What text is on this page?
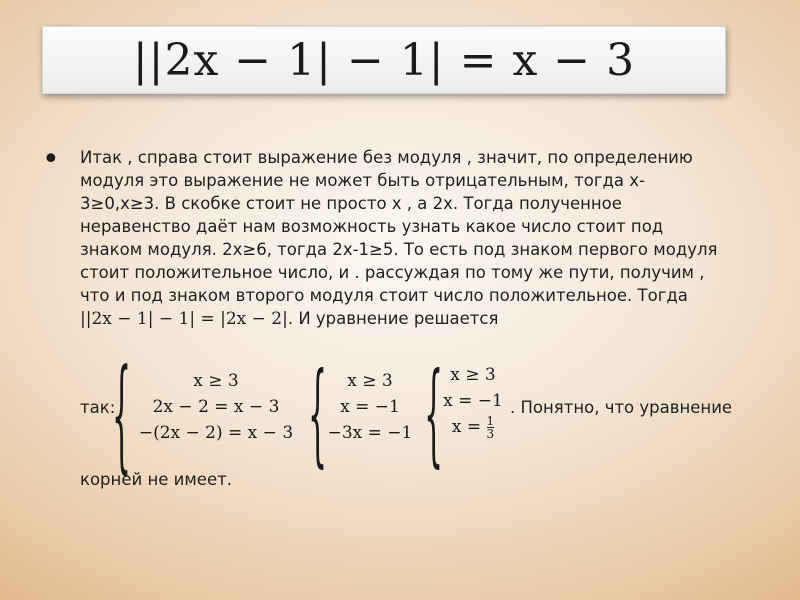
||2x − 1| − 1| = x − 3
• Итак , справа стоит выражение без модуля , значит, по определению

модуля это выражение не может быть отрицательным, тогда x-

3≥0,x≥3. В скобке стоит не просто x , а 2x. Тогда полученное

неравенство даёт нам возможность узнать какое число стоит под

знаком модуля. 2x≥6, тогда 2x-1≥5. То есть под знаком первого модуля

стоит положительное число, и . рассуждая по тому же пути, получим ,

что и под знаком второго модуля стоит число положительное. Тогда

||2x − 1| − 1| = |2x − 2|. И уравнение решается

так:
{	x ≥ 3
2x − 2 = x − 3
−(2x − 2) = x − 3 {	x ≥ 3
x = −1
−3x = −1 { x ≥ 3
x = −1
$x = \frac{1}{3}$
. Понятно, что уравнение
корней не имеет.
